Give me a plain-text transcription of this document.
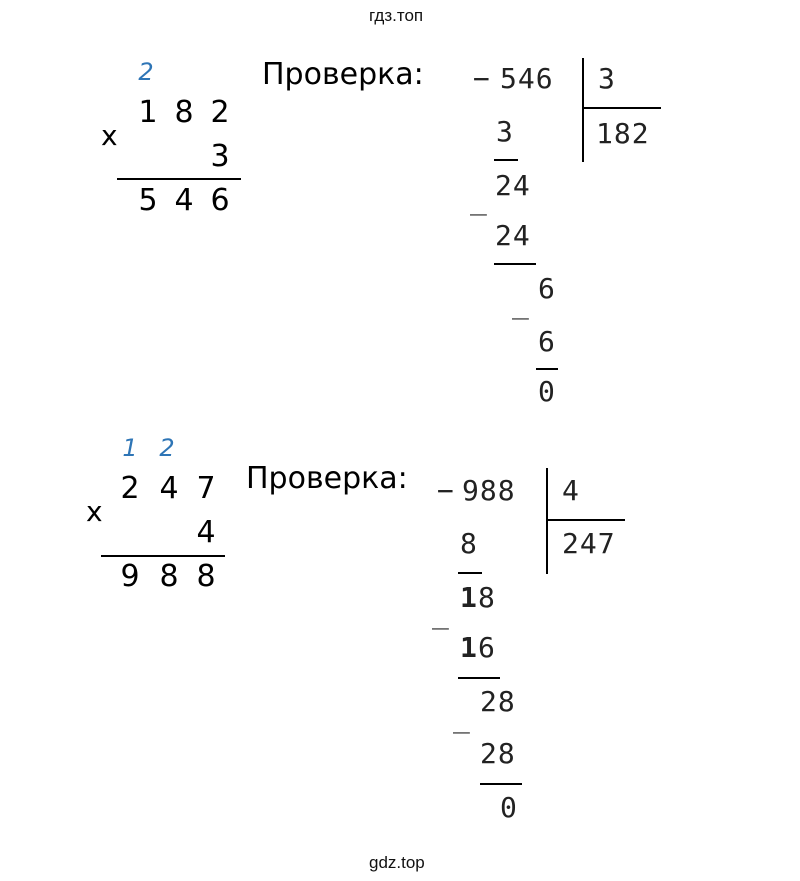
гдз.топ
gdz.top
2
1 8 2
x
3
5 4 6
Проверка: − 546 3
182
3
_ 24
24
_ 6
6
0
1 2
2 4 7
x
4
9 8 8
Проверка: − 988 4
247
8
_ 1 8
1 6
_ 28
28
0
